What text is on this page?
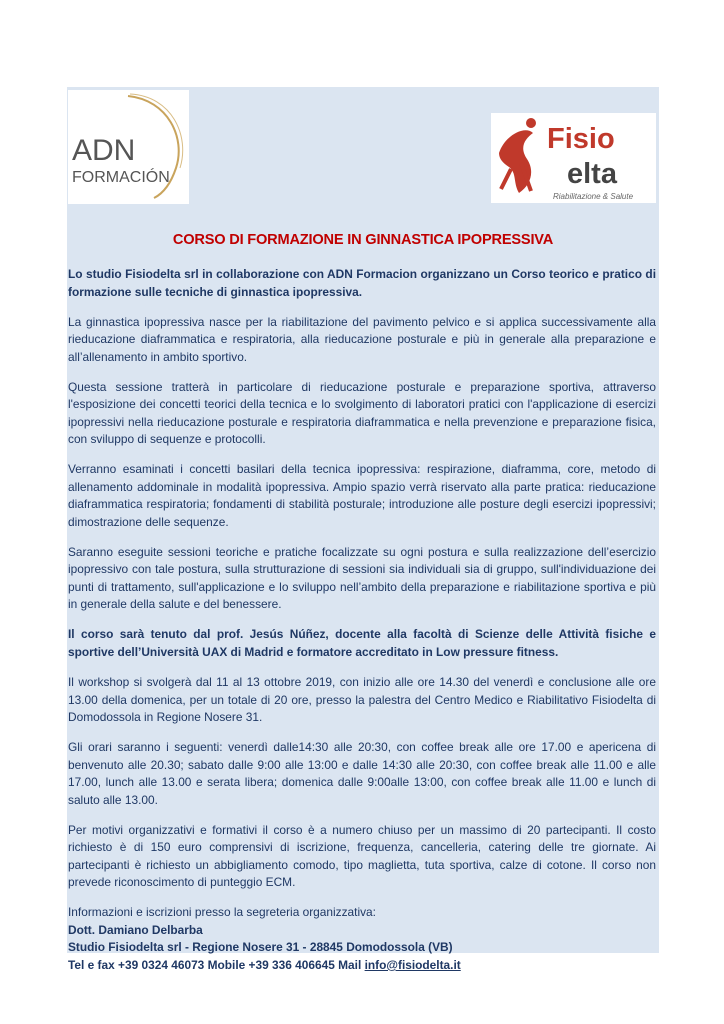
ADN
FORMACIÓN
Fisio
elta
Riabilitazione & Salute
CORSO DI FORMAZIONE IN GINNASTICA IPOPRESSIVA

Lo studio Fisiodelta srl in collaborazione con ADN Formacion organizzano un Corso teorico e pratico di formazione sulle tecniche di ginnastica ipopressiva.

La ginnastica ipopressiva nasce per la riabilitazione del pavimento pelvico e si applica successivamente alla rieducazione diaframmatica e respiratoria, alla rieducazione posturale e più in generale alla preparazione e all’allenamento in ambito sportivo.

Questa sessione tratterà in particolare di rieducazione posturale e preparazione sportiva, attraverso l'esposizione dei concetti teorici della tecnica e lo svolgimento di laboratori pratici con l'applicazione di esercizi ipopressivi nella rieducazione posturale e respiratoria diaframmatica e nella prevenzione e preparazione fisica, con sviluppo di sequenze e protocolli.

Verranno esaminati i concetti basilari della tecnica ipopressiva: respirazione, diaframma, core, metodo di allenamento addominale in modalità ipopressiva. Ampio spazio verrà riservato alla parte pratica: rieducazione diaframmatica respiratoria; fondamenti di stabilità posturale; introduzione alle posture degli esercizi ipopressivi; dimostrazione delle sequenze.

Saranno eseguite sessioni teoriche e pratiche focalizzate su ogni postura e sulla realizzazione dell’esercizio ipopressivo con tale postura, sulla strutturazione di sessioni sia individuali sia di gruppo, sull'individuazione dei punti di trattamento, sull'applicazione e lo sviluppo nell’ambito della preparazione e riabilitazione sportiva e più in generale della salute e del benessere.

Il corso sarà tenuto dal prof. Jesús Núñez, docente alla facoltà di Scienze delle Attività fisiche e sportive dell’Università UAX di Madrid e formatore accreditato in Low pressure fitness.

Il workshop si svolgerà dal 11 al 13 ottobre 2019, con inizio alle ore 14.30 del venerdì e conclusione alle ore 13.00 della domenica, per un totale di 20 ore, presso la palestra del Centro Medico e Riabilitativo Fisiodelta di Domodossola in Regione Nosere 31.

Gli orari saranno i seguenti: venerdì dalle14:30 alle 20:30, con coffee break alle ore 17.00 e apericena di benvenuto alle 20.30; sabato dalle 9:00 alle 13:00 e dalle 14:30 alle 20:30, con coffee break alle 11.00 e alle 17.00, lunch alle 13.00 e serata libera; domenica dalle 9:00alle 13:00, con coffee break alle 11.00 e lunch di saluto alle 13.00.

Per motivi organizzativi e formativi il corso è a numero chiuso per un massimo di 20 partecipanti. Il costo richiesto è di 150 euro comprensivi di iscrizione, frequenza, cancelleria, catering delle tre giornate. Ai partecipanti è richiesto un abbigliamento comodo, tipo maglietta, tuta sportiva, calze di cotone. Il corso non prevede riconoscimento di punteggio ECM.

Informazioni e iscrizioni presso la segreteria organizzativa:
Dott. Damiano Delbarba
Studio Fisiodelta srl - Regione Nosere 31 - 28845 Domodossola (VB)
Tel e fax +39 0324 46073 Mobile +39 336 406645 Mail info@fisiodelta.it
